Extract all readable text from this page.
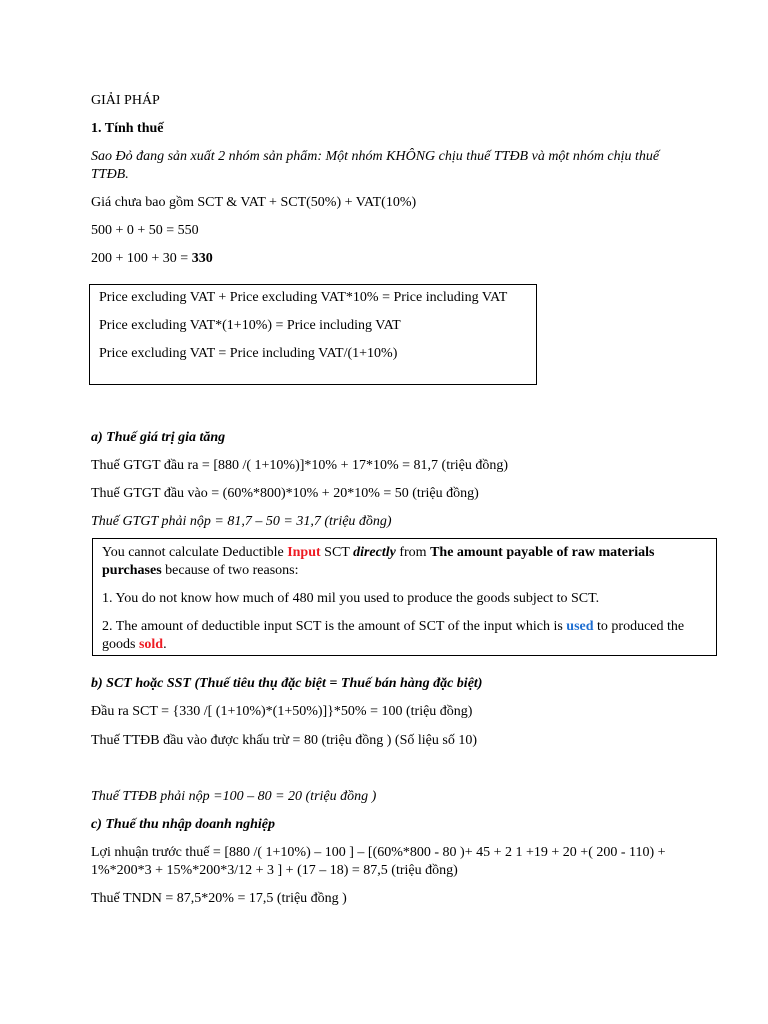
GIẢI PHÁP
1. Tính thuế
Sao Đỏ đang sản xuất 2 nhóm sản phẩm: Một nhóm KHÔNG chịu thuế TTĐB và một nhóm chịu thuế
TTĐB.
Giá chưa bao gồm SCT & VAT + SCT(50%) + VAT(10%)
500 + 0 + 50 = 550
200 + 100 + 30 = 330
Price excluding VAT + Price excluding VAT*10% = Price including VAT
Price excluding VAT*(1+10%) = Price including VAT
Price excluding VAT = Price including VAT/(1+10%)
a) Thuế giá trị gia tăng
Thuế GTGT đầu ra = [880 /( 1+10%)]*10% + 17*10% = 81,7 (triệu đồng)
Thuế GTGT đầu vào = (60%*800)*10% + 20*10% = 50 (triệu đồng)
Thuế GTGT phải nộp = 81,7 – 50 = 31,7 (triệu đồng)
You cannot calculate Deductible Input SCT directly from The amount payable of raw materials
purchases because of two reasons:
1. You do not know how much of 480 mil you used to produce the goods subject to SCT.
2. The amount of deductible input SCT is the amount of SCT of the input which is used to produced the
goods sold.
b) SCT hoặc SST (Thuế tiêu thụ đặc biệt = Thuế bán hàng đặc biệt)
Đầu ra SCT = {330 /[ (1+10%)*(1+50%)]}*50% = 100 (triệu đồng)
Thuế TTĐB đầu vào được khấu trừ = 80 (triệu đồng ) (Số liệu số 10)
Thuế TTĐB phải nộp =100 – 80 = 20 (triệu đồng )
c) Thuế thu nhập doanh nghiệp
Lợi nhuận trước thuế = [880 /( 1+10%) – 100 ] – [(60%*800 - 80 )+ 45 + 2 1 +19 + 20 +( 200 - 110) +
1%*200*3 + 15%*200*3/12 + 3 ] + (17 – 18) = 87,5 (triệu đồng)
Thuế TNDN = 87,5*20% = 17,5 (triệu đồng )
